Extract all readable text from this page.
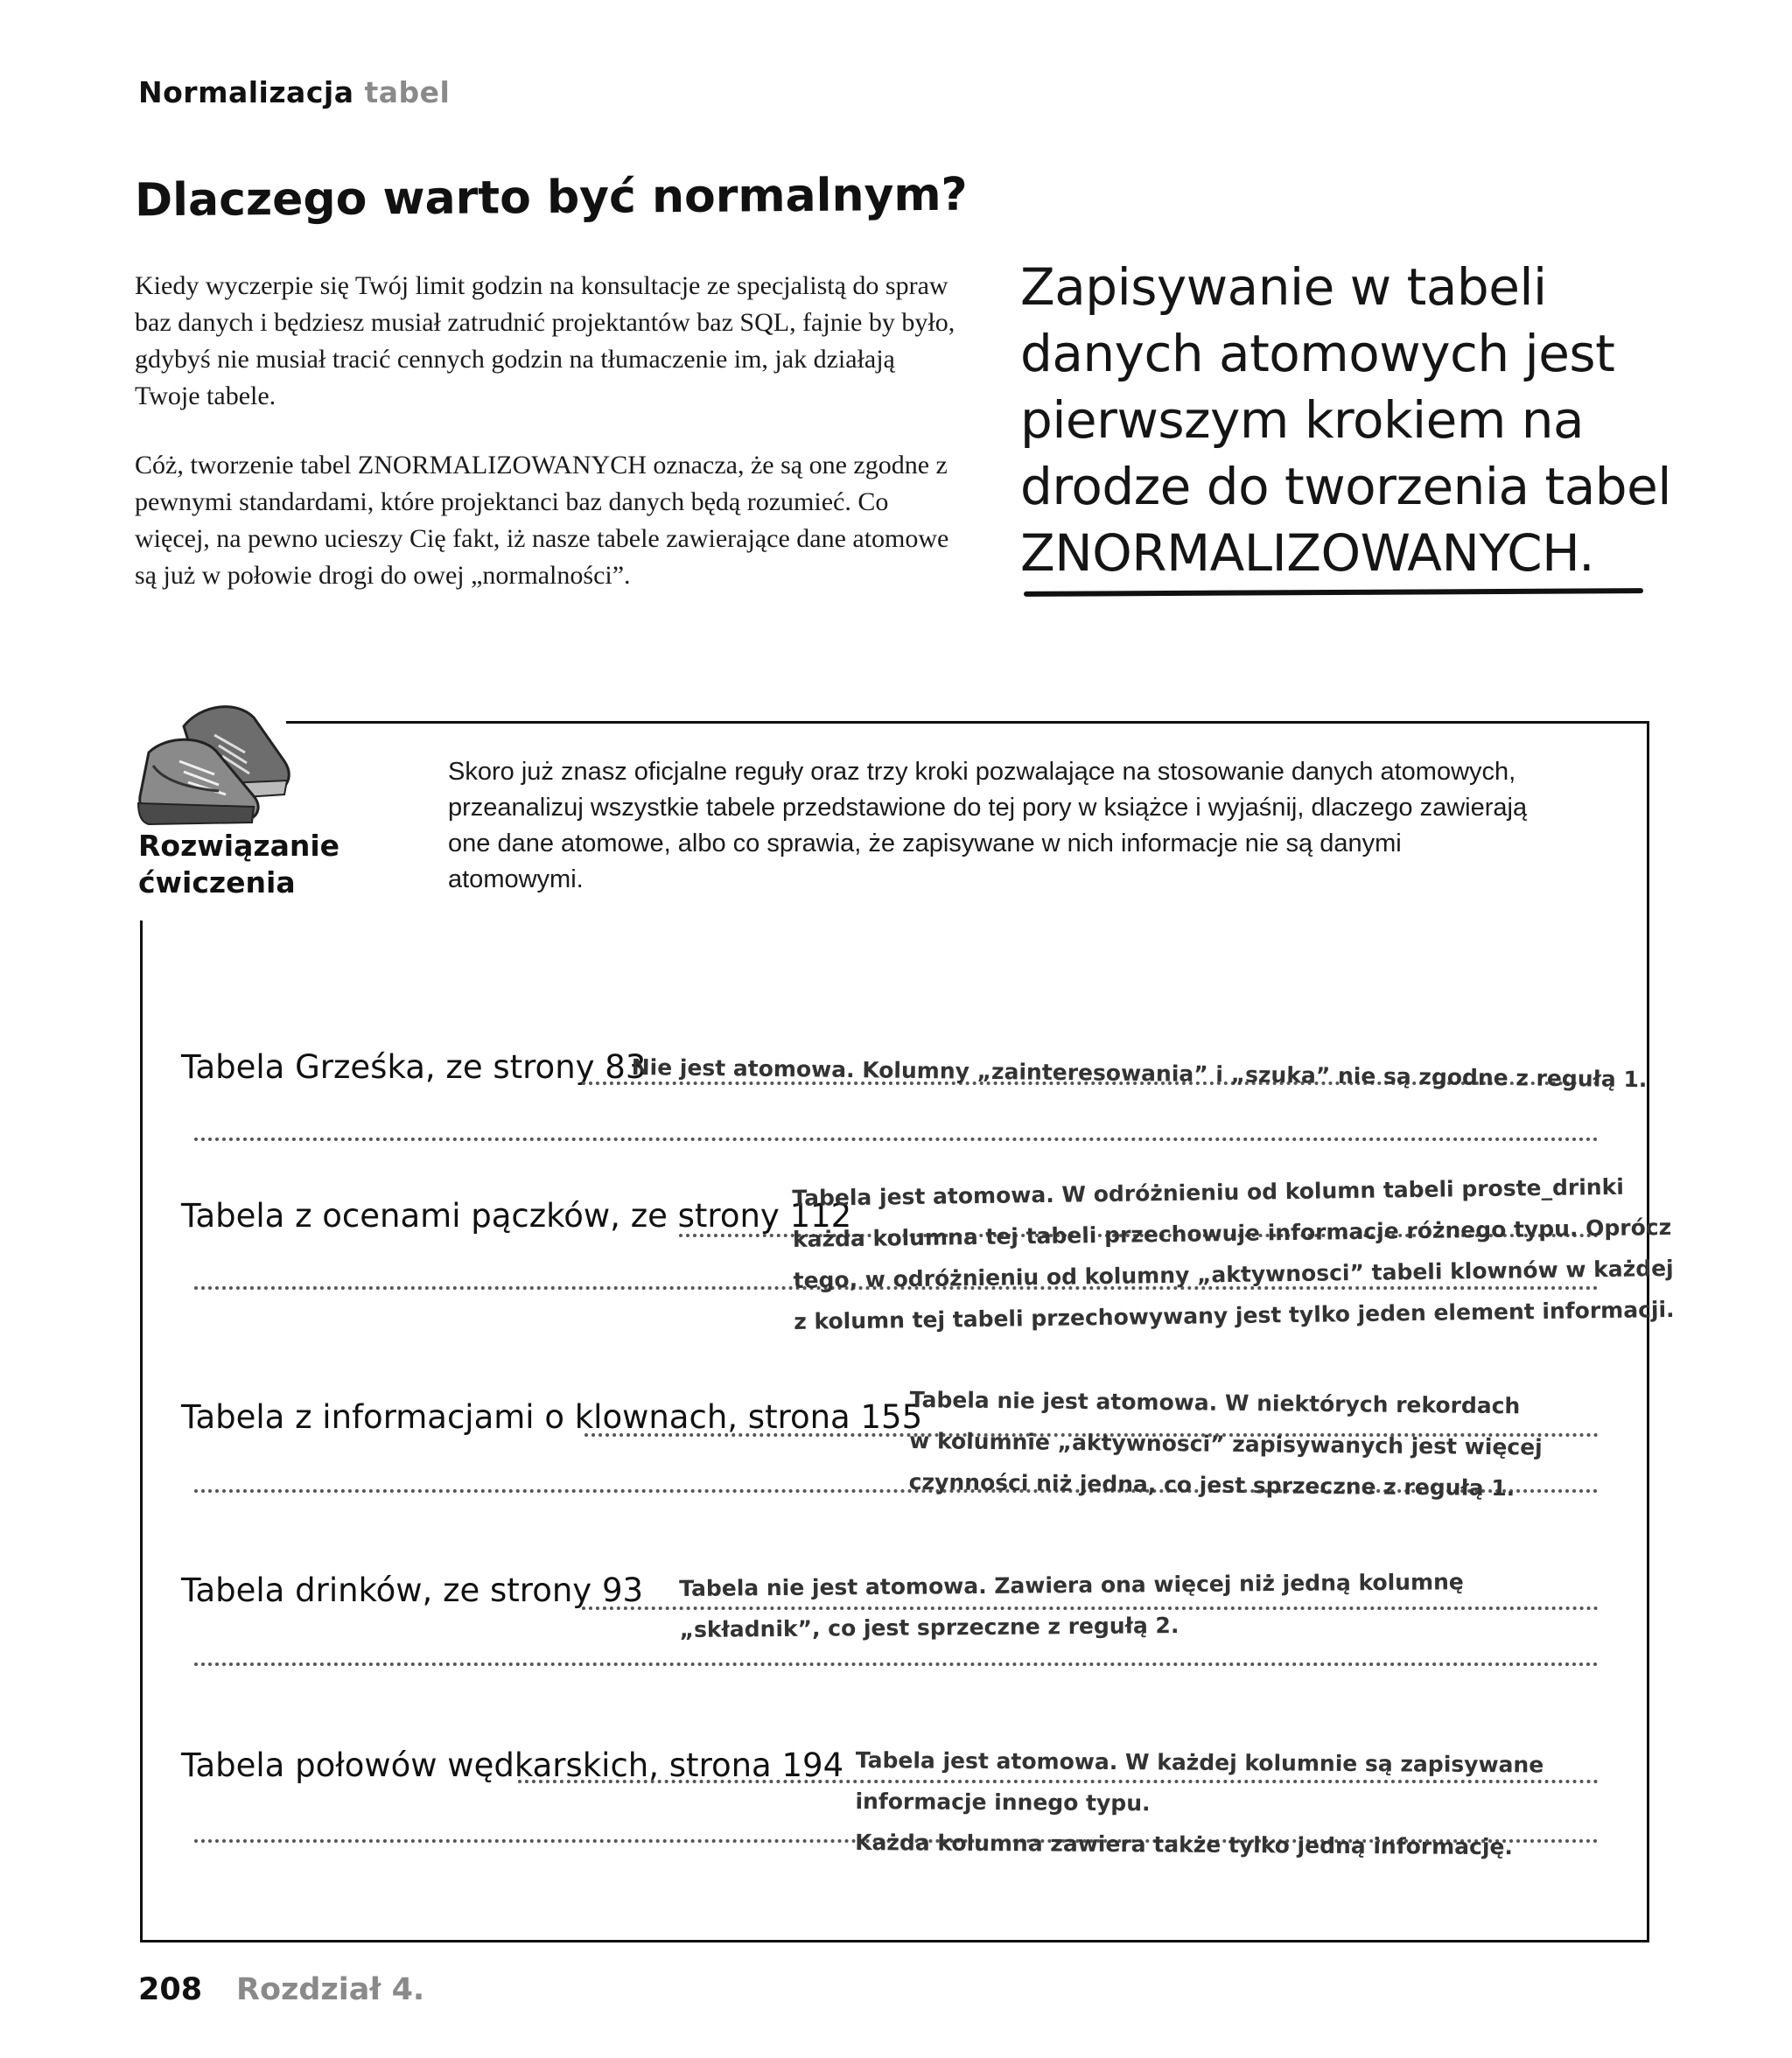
Normalizacja tabel
Dlaczego warto być normalnym?

Kiedy wyczerpie się Twój limit godzin na konsultacje ze specjalistą do spraw baz danych i będziesz musiał zatrudnić projektantów baz SQL, fajnie by było, gdybyś nie musiał tracić cennych godzin na tłumaczenie im, jak działają Twoje tabele.

Cóż, tworzenie tabel ZNORMALIZOWANYCH oznacza, że są one zgodne z pewnymi standardami, które projektanci baz danych będą rozumieć. Co więcej, na pewno ucieszy Cię fakt, iż nasze tabele zawierające dane atomowe są już w połowie drogi do owej „normalności”.

Zapisywanie w tabeli danych atomowych jest pierwszym krokiem na drodze do tworzenia tabel ZNORMALIZOWANYCH.
Rozwiązanie
ćwiczenia
Skoro już znasz oficjalne reguły oraz trzy kroki pozwalające na stosowanie danych atomowych, przeanalizuj wszystkie tabele przedstawione do tej pory w książce i wyjaśnij, dlaczego zawierają one dane atomowe, albo co sprawia, że zapisywane w nich informacje nie są danymi atomowymi.
Tabela Grześka, ze strony 83
Nie jest atomowa. Kolumny „zainteresowania” i „szuka” nie są zgodne z regułą 1.
Tabela z ocenami pączków, ze strony 112
Tabela jest atomowa. W odróżnieniu od kolumn tabeli proste_drinki
każda kolumna tej tabeli przechowuje informacje różnego typu. Oprócz
tego, w odróżnieniu od kolumny „aktywnosci” tabeli klownów w każdej
z kolumn tej tabeli przechowywany jest tylko jeden element informacji.
Tabela z informacjami o klownach, strona 155
Tabela nie jest atomowa. W niektórych rekordach
w kolumnie „aktywnosci” zapisywanych jest więcej
czynności niż jedna, co jest sprzeczne z regułą 1.
Tabela drinków, ze strony 93 Tabela nie jest atomowa. Zawiera ona więcej niż jedną kolumnę
„składnik”, co jest sprzeczne z regułą 2.
Tabela połowów wędkarskich, strona 194 Tabela jest atomowa. W każdej kolumnie są zapisywane
informacje innego typu.
Każda kolumna zawiera także tylko jedną informację.
208 Rozdział 4.
